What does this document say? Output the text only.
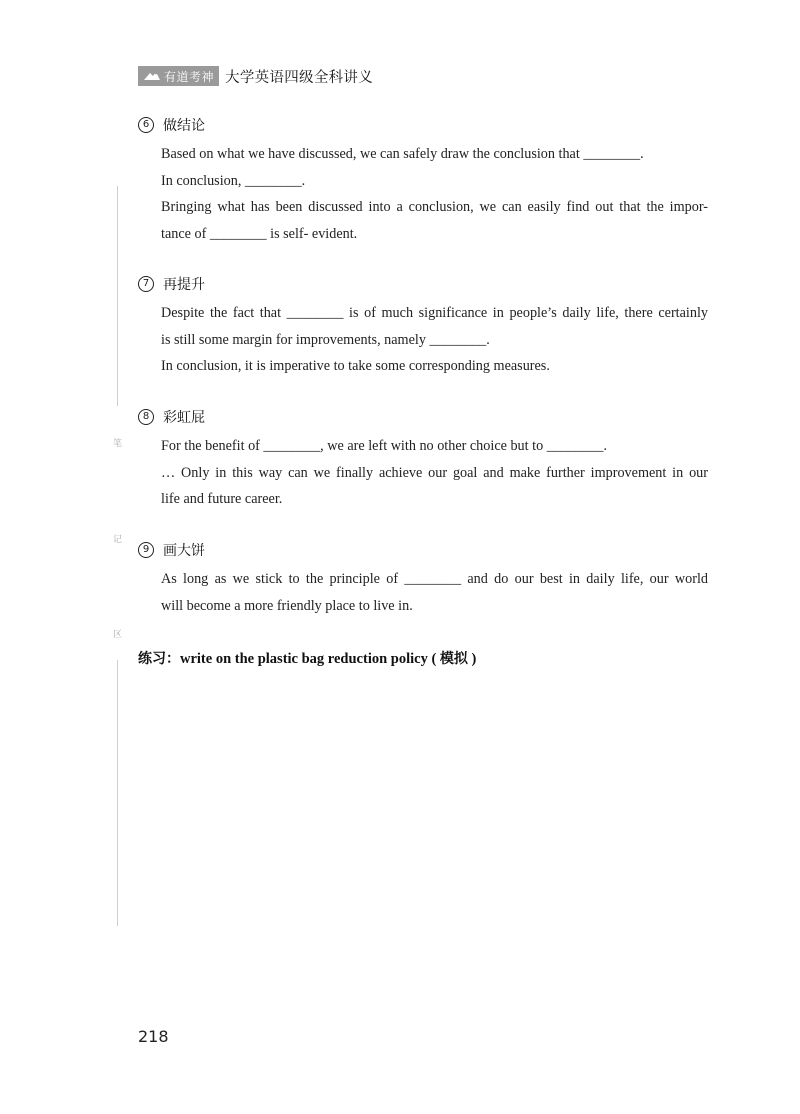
有道考神 大学英语四级全科讲义
笔
记
区
6 做结论

Based on what we have discussed, we can safely draw the conclusion that ________.

In conclusion, ________.

Bringing what has been discussed into a conclusion, we can easily find out that the impor-

tance of ________ is self- evident.

7 再提升

Despite the fact that ________ is of much significance in people’s daily life, there certainly

is still some margin for improvements, namely ________.

In conclusion, it is imperative to take some corresponding measures.

8 彩虹屁

For the benefit of ________, we are left with no other choice but to ________.

… Only in this way can we finally achieve our goal and make further improvement in our

life and future career.

9 画大饼

As long as we stick to the principle of ________ and do our best in daily life, our world

will become a more friendly place to live in.

练习：write on the plastic bag reduction policy ( 模拟 )
218
